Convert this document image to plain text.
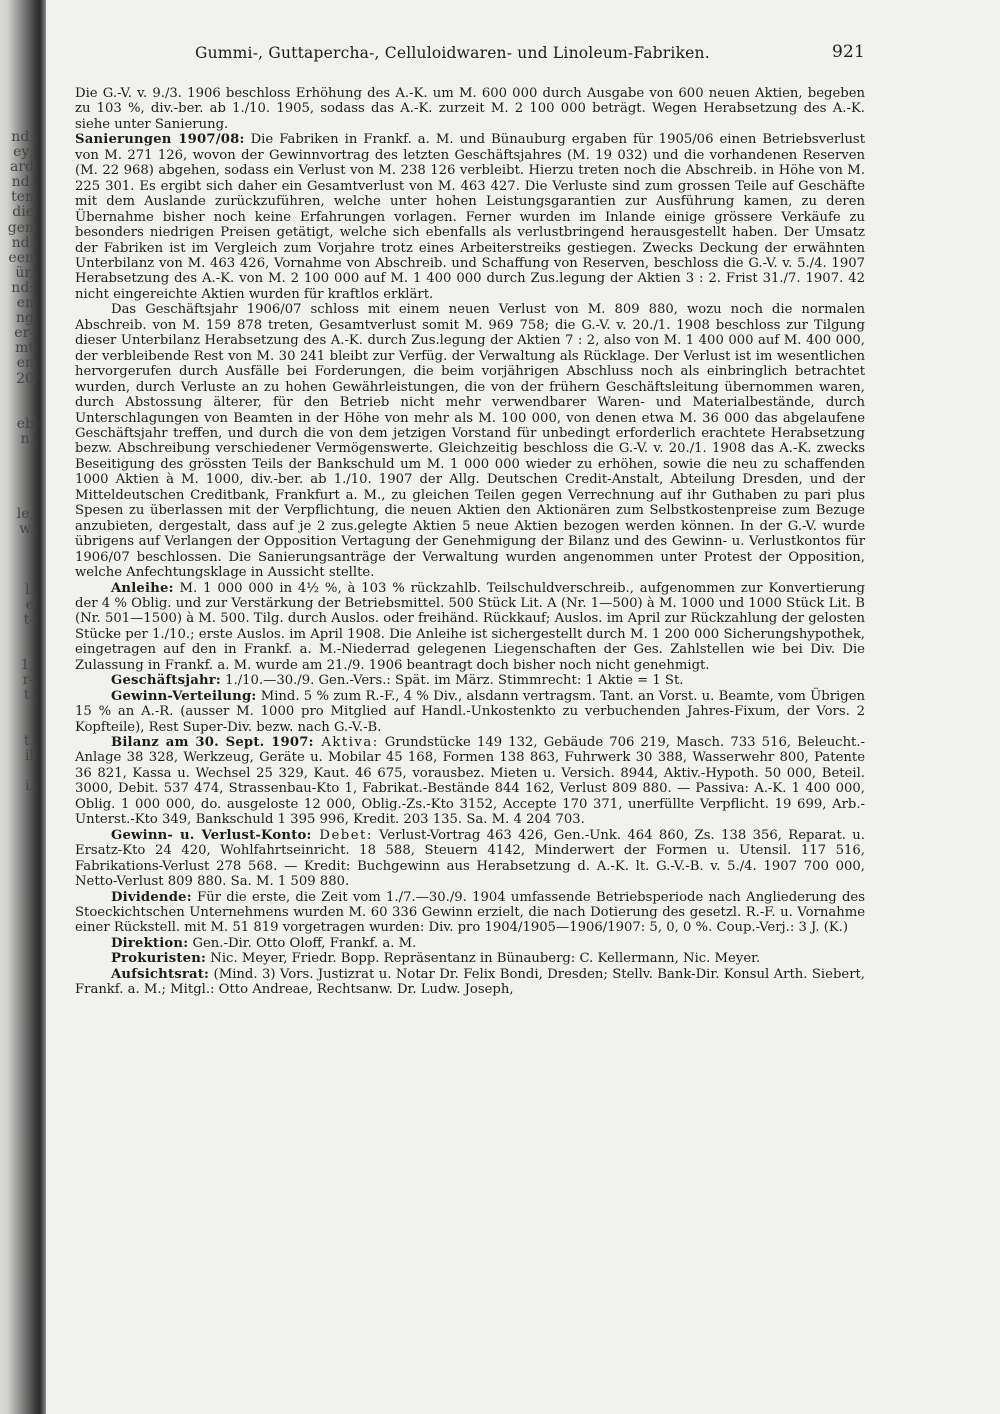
nd:
ey;
ard
nd.
ten
die
gen
nd.
een
ür,
nd:
en
ng
er-
mt
en
20

eb
n.

le,
w.

l.
e
t-

1,
r-
t.

t.
il

i.
Gummi-, Guttapercha-, Celluloidwaren- und Linoleum-Fabriken.	921

Die G.-V. v. 9./3. 1906 beschloss Erhöhung des A.-K. um M. 600 000 durch Ausgabe von 600 neuen Aktien, begeben zu 103 %, div.-ber. ab 1./10. 1905, sodass das A.-K. zurzeit M. 2 100 000 beträgt. Wegen Herabsetzung des A.-K. siehe unter Sanierung.

Sanierungen 1907/08: Die Fabriken in Frankf. a. M. und Bünauburg ergaben für 1905/06 einen Betriebsverlust von M. 271 126, wovon der Gewinnvortrag des letzten Geschäftsjahres (M. 19 032) und die vorhandenen Reserven (M. 22 968) abgehen, sodass ein Verlust von M. 238 126 verbleibt. Hierzu treten noch die Abschreib. in Höhe von M. 225 301. Es ergibt sich daher ein Gesamtverlust von M. 463 427. Die Verluste sind zum grossen Teile auf Geschäfte mit dem Auslande zurückzuführen, welche unter hohen Leistungsgarantien zur Ausführung kamen, zu deren Übernahme bisher noch keine Erfahrungen vorlagen. Ferner wurden im Inlande einige grössere Verkäufe zu besonders niedrigen Preisen getätigt, welche sich ebenfalls als verlustbringend herausgestellt haben. Der Umsatz der Fabriken ist im Vergleich zum Vorjahre trotz eines Arbeiterstreiks gestiegen. Zwecks Deckung der erwähnten Unterbilanz von M. 463 426, Vornahme von Abschreib. und Schaffung von Reserven, beschloss die G.-V. v. 5./4. 1907 Herabsetzung des A.-K. von M. 2 100 000 auf M. 1 400 000 durch Zus.legung der Aktien 3 : 2. Frist 31./7. 1907. 42 nicht eingereichte Aktien wurden für kraftlos erklärt.

Das Geschäftsjahr 1906/07 schloss mit einem neuen Verlust von M. 809 880, wozu noch die normalen Abschreib. von M. 159 878 treten, Gesamtverlust somit M. 969 758; die G.-V. v. 20./1. 1908 beschloss zur Tilgung dieser Unterbilanz Herabsetzung des A.-K. durch Zus.legung der Aktien 7 : 2, also von M. 1 400 000 auf M. 400 000, der verbleibende Rest von M. 30 241 bleibt zur Verfüg. der Verwaltung als Rücklage. Der Verlust ist im wesentlichen hervorgerufen durch Ausfälle bei Forderungen, die beim vorjährigen Abschluss noch als einbringlich betrachtet wurden, durch Verluste an zu hohen Gewährleistungen, die von der frühern Geschäftsleitung übernommen waren, durch Abstossung älterer, für den Betrieb nicht mehr verwendbarer Waren- und Materialbestände, durch Unterschlagungen von Beamten in der Höhe von mehr als M. 100 000, von denen etwa M. 36 000 das abgelaufene Geschäftsjahr treffen, und durch die von dem jetzigen Vorstand für unbedingt erforderlich erachtete Herabsetzung bezw. Abschreibung verschiedener Vermögenswerte. Gleichzeitig beschloss die G.-V. v. 20./1. 1908 das A.-K. zwecks Beseitigung des grössten Teils der Bankschuld um M. 1 000 000 wieder zu erhöhen, sowie die neu zu schaffenden 1000 Aktien à M. 1000, div.-ber. ab 1./10. 1907 der Allg. Deutschen Credit-Anstalt, Abteilung Dresden, und der Mitteldeutschen Creditbank, Frankfurt a. M., zu gleichen Teilen gegen Verrechnung auf ihr Guthaben zu pari plus Spesen zu überlassen mit der Verpflichtung, die neuen Aktien den Aktionären zum Selbstkostenpreise zum Bezuge anzubieten, dergestalt, dass auf je 2 zus.gelegte Aktien 5 neue Aktien bezogen werden können. In der G.-V. wurde übrigens auf Verlangen der Opposition Vertagung der Genehmigung der Bilanz und des Gewinn- u. Verlustkontos für 1906/07 beschlossen. Die Sanierungsanträge der Verwaltung wurden angenommen unter Protest der Opposition, welche Anfechtungsklage in Aussicht stellte.

Anleihe: M. 1 000 000 in 4½ %, à 103 % rückzahlb. Teilschuldverschreib., aufgenommen zur Konvertierung der 4 % Oblig. und zur Verstärkung der Betriebsmittel. 500 Stück Lit. A (Nr. 1—500) à M. 1000 und 1000 Stück Lit. B (Nr. 501—1500) à M. 500. Tilg. durch Auslos. oder freihänd. Rückkauf; Auslos. im April zur Rückzahlung der gelosten Stücke per 1./10.; erste Auslos. im April 1908. Die Anleihe ist sichergestellt durch M. 1 200 000 Sicherungshypothek, eingetragen auf den in Frankf. a. M.-Niederrad gelegenen Liegenschaften der Ges. Zahlstellen wie bei Div. Die Zulassung in Frankf. a. M. wurde am 21./9. 1906 beantragt doch bisher noch nicht genehmigt.

Geschäftsjahr: 1./10.—30./9. Gen.-Vers.: Spät. im März. Stimmrecht: 1 Aktie = 1 St.

Gewinn-Verteilung: Mind. 5 % zum R.-F., 4 % Div., alsdann vertragsm. Tant. an Vorst. u. Beamte, vom Übrigen 15 % an A.-R. (ausser M. 1000 pro Mitglied auf Handl.-Unkostenkto zu verbuchenden Jahres-Fixum, der Vors. 2 Kopfteile), Rest Super-Div. bezw. nach G.-V.-B.

Bilanz am 30. Sept. 1907: Aktiva: Grundstücke 149 132, Gebäude 706 219, Masch. 733 516, Beleucht.-Anlage 38 328, Werkzeug, Geräte u. Mobilar 45 168, Formen 138 863, Fuhrwerk 30 388, Wasserwehr 800, Patente 36 821, Kassa u. Wechsel 25 329, Kaut. 46 675, vorausbez. Mieten u. Versich. 8944, Aktiv.-Hypoth. 50 000, Beteil. 3000, Debit. 537 474, Strassenbau-Kto 1, Fabrikat.-Bestände 844 162, Verlust 809 880. — Passiva: A.-K. 1 400 000, Oblig. 1 000 000, do. ausgeloste 12 000, Oblig.-Zs.-Kto 3152, Accepte 170 371, unerfüllte Verpflicht. 19 699, Arb.-Unterst.-Kto 349, Bankschuld 1 395 996, Kredit. 203 135. Sa. M. 4 204 703.

Gewinn- u. Verlust-Konto: Debet: Verlust-Vortrag 463 426, Gen.-Unk. 464 860, Zs. 138 356, Reparat. u. Ersatz-Kto 24 420, Wohlfahrtseinricht. 18 588, Steuern 4142, Minderwert der Formen u. Utensil. 117 516, Fabrikations-Verlust 278 568. — Kredit: Buchgewinn aus Herabsetzung d. A.-K. lt. G.-V.-B. v. 5./4. 1907 700 000, Netto-Verlust 809 880. Sa. M. 1 509 880.

Dividende: Für die erste, die Zeit vom 1./7.—30./9. 1904 umfassende Betriebsperiode nach Angliederung des Stoeckichtschen Unternehmens wurden M. 60 336 Gewinn erzielt, die nach Dotierung des gesetzl. R.-F. u. Vornahme einer Rückstell. mit M. 51 819 vorgetragen wurden: Div. pro 1904/1905—1906/1907: 5, 0, 0 %. Coup.-Verj.: 3 J. (K.)

Direktion: Gen.-Dir. Otto Oloff, Frankf. a. M.

Prokuristen: Nic. Meyer, Friedr. Bopp. Repräsentanz in Bünauberg: C. Kellermann, Nic. Meyer.

Aufsichtsrat: (Mind. 3) Vors. Justizrat u. Notar Dr. Felix Bondi, Dresden; Stellv. Bank-Dir. Konsul Arth. Siebert, Frankf. a. M.; Mitgl.: Otto Andreae, Rechtsanw. Dr. Ludw. Joseph,
